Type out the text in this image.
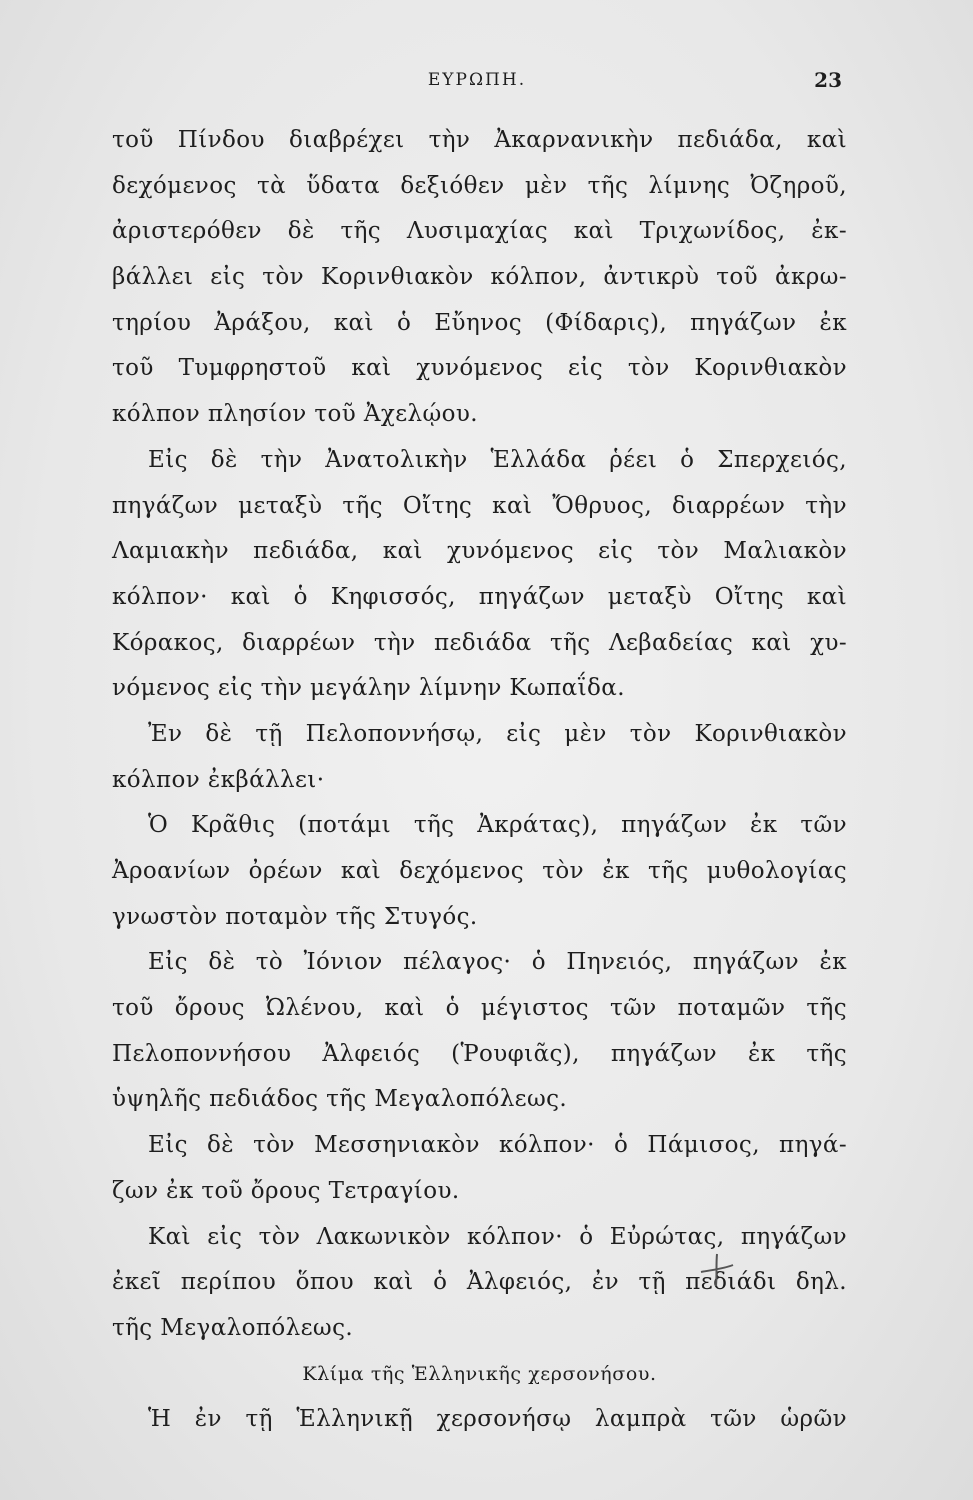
ΕΥΡΩΠΗ.	23
τοῦ Πίνδου διαβρέχει τὴν Ἀκαρνανικὴν πεδιάδα, καὶ
δεχόμενος τὰ ὕδατα δεξιόθεν μὲν τῆς λίμνης Ὀζηροῦ,
ἀριστερόθεν δὲ τῆς Λυσιμαχίας καὶ Τριχωνίδος, ἐκ-
βάλλει εἰς τὸν Κορινθιακὸν κόλπον, ἀντικρὺ τοῦ ἀκρω-
τηρίου Ἀράξου, καὶ ὁ Εὔηνος (Φίδαρις), πηγάζων ἐκ
τοῦ Τυμφρηστοῦ καὶ χυνόμενος εἰς τὸν Κορινθιακὸν
κόλπον πλησίον τοῦ Ἀχελῴου.
Εἰς δὲ τὴν Ἀνατολικὴν Ἑλλάδα ῥέει ὁ Σπερχειός,
πηγάζων μεταξὺ τῆς Οἴτης καὶ Ὄθρυος, διαρρέων τὴν
Λαμιακὴν πεδιάδα, καὶ χυνόμενος εἰς τὸν Μαλιακὸν
κόλπον· καὶ ὁ Κηφισσός, πηγάζων μεταξὺ Οἴτης καὶ
Κόρακος, διαρρέων τὴν πεδιάδα τῆς Λεβαδείας καὶ χυ-
νόμενος εἰς τὴν μεγάλην λίμνην Κωπαΐδα.
Ἐν δὲ τῇ Πελοποννήσῳ, εἰς μὲν τὸν Κορινθιακὸν
κόλπον ἐκβάλλει·
Ὁ Κρᾶθις (ποτάμι τῆς Ἀκράτας), πηγάζων ἐκ τῶν
Ἀροανίων ὀρέων καὶ δεχόμενος τὸν ἐκ τῆς μυθολογίας
γνωστὸν ποταμὸν τῆς Στυγός.
Εἰς δὲ τὸ Ἰόνιον πέλαγος· ὁ Πηνειός, πηγάζων ἐκ
τοῦ ὄρους Ὠλένου, καὶ ὁ μέγιστος τῶν ποταμῶν τῆς
Πελοποννήσου Ἀλφειός (Ῥουφιᾶς), πηγάζων ἐκ τῆς
ὑψηλῆς πεδιάδος τῆς Μεγαλοπόλεως.
Εἰς δὲ τὸν Μεσσηνιακὸν κόλπον· ὁ Πάμισος, πηγά-
ζων ἐκ τοῦ ὄρους Τετραγίου.
Καὶ εἰς τὸν Λακωνικὸν κόλπον· ὁ Εὐρώτας, πηγάζων
ἐκεῖ περίπου ὅπου καὶ ὁ Ἀλφειός, ἐν τῇ πεδιάδι δηλ.
τῆς Μεγαλοπόλεως.
Κλίμα τῆς Ἑλληνικῆς χερσονήσου.
Ἡ ἐν τῇ Ἑλληνικῇ χερσονήσῳ λαμπρὰ τῶν ὡρῶν
